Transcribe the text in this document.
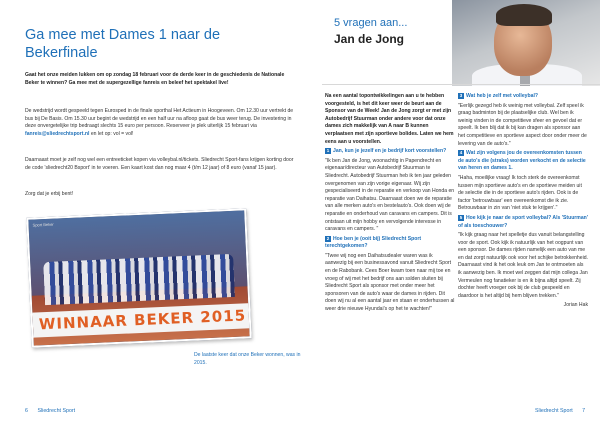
Ga mee met Dames 1 naar de Bekerfinale

Gaat het onze meiden lukken om op zondag 18 februari voor de derde keer in de geschiedenis de Nationale Beker te winnen? Ga mee met de supergezellige fanreis en beleef het spektakel live!

De wedstrijd wordt gespeeld tegen Eurosped in de finale sporthal Het Actieum in Hoogeveen. Om 12.30 uur vertrekt de bus bij De Basis. Om 15.30 uur begint de wedstrijd en een half uur na afloop gaat de bus weer terug. De investering in deze onvergetelijke trip bedraagt slechts 15 euro per persoon. Reserveer je plek uiterlijk 15 februari via fanreis@sliedrechtsport.nl en let op: vol = vol!

Daarnaast moet je zelf nog wel een entreeticket kopen via volleybal.nl/tickets. Sliedrecht Sport-fans krijgen korting door de code 'sliedrecht20 Bsport' in te voeren. Een kaart kost dan nog maar 4 (t/m 12 jaar) of 8 euro (vanaf 15 jaar).

Zorg dat je erbij bent!

Sport Beker
WINNAAR BEKER 2015

De laatste keer dat onze Beker wonnen, was in 2015.

6 Sliedrecht Sport
5 vragen aan...
Jan de Jong

Na een aantal topontwikkelingen aan u te hebben voorgesteld, is het dit keer weer de beurt aan de Sponsor van de Week! Jan de Jong zorgt er met zijn Autobedrijf Stuurman onder andere voor dat onze dames zich makkelijk van A naar B kunnen verplaatsen met zijn sportieve bolides. Laten we hem eens aan u voorstellen.

1 Jan, kun je jezelf en je bedrijf kort voorstellen?

"Ik ben Jan de Jong, woonachtig in Papendrecht en eigenaar/directeur van Autobedrijf Stuurman te Sliedrecht. Autobedrijf Stuurman heb ik ten jaar geleden overgenomen van zijn vorige eigenaar. Wij zijn gespecialiseerd in de reparatie en verkoop van Honda en reparatie van Daihatsu. Daarnaast doen we de reparatie van alle merken auto's en bestelauto's. Ook doen wij de reparatie en onderhoud van caravans en campers. Dit is ontstaan uit mijn hobby en vervolgende interesse in caravans en campers. "

2 Hoe ben je (ooit bij) Sliedrecht Sport terechtgekomen?

"Twee wij nog een Daihatsudealer waren was ik aanwezig bij een businessavond vanuit Sliedrecht Sport en de Rabobank. Cees Boer kwam toen naar mij toe en vroeg of wij met het bedrijf ons aan sslden sluiten bij Sliedrecht Sport als sponsor met onder meer het sponsoren van de auto's waar de dames in rijden. Dit doen wij nu al een aantal jaar en staan er onderhussen al weer drie nieuwe Hyundai's op het te wachten!"

3 Wat heb je zelf met volleybal?

"Eerlijk gezegd heb ik weinig met volleybal. Zelf speel ik graag badminton bij de plaatselijke club. Wel ben ik weinig vinden in de competitieve sfeer en gevoel dat er speelt. Ik ben blij dat ik bij kan dragen als sponsor aan het competitieve en sportieve aspect door onder meer de levering van de auto's."

4 Wat zijn volgens jou de overeenkomsten tussen de auto's die (straks) worden verkocht en de selectie van heren en dames 1.

"Haha, moeilijke vraag! Ik toch sterk de overeenkomst tussen mijn sportieve auto's en de sportieve meiden uit de selectie die in de sportieve auto's rijden. Ook is de factor 'betrouwbaar' een overeenkomst die ik zie. Betrouwbaar in zin van 'niet stuk te krijgen'."

5 Hoe kijk je naar de sport volleybal? Als 'Stuurman' of als toeschouwer?

"Ik kijk graag naar het spelletje dus vanuit belangstelling voor de sport. Ook kijk ik natuurlijk van het oogpunt van een sponsor. De dames rijden namelijk een auto van me en dat zorgt natuurlijk ook voor het schijke betrokkenheid. Daarnaast vind ik het ook leuk om Jan te ontmoeten als ik aanwezig ben. Ik moet wel zeggen dat mijn collega Jan Vermeulen nog fanatieker is en ik bijna altijd speelt. Zij dochter heeft vroeger ook bij de club gespeeld en daardoor is het altijd bij hem blijven trekken."

Jorian Hak

Sliedrecht Sport 7
